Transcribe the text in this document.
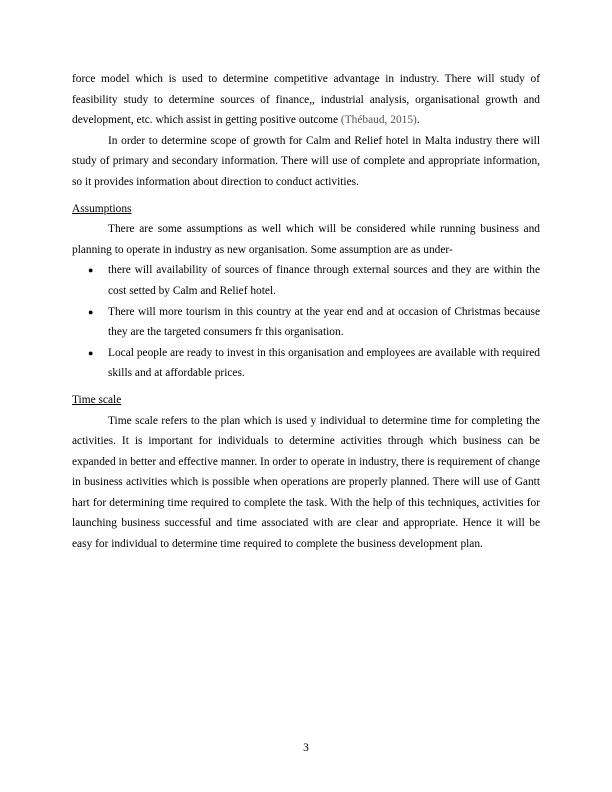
force model which is used to determine competitive advantage in industry. There will study of feasibility study to determine sources of finance,, industrial analysis, organisational growth and development, etc. which assist in getting positive outcome (Thébaud, 2015).

In order to determine scope of growth for Calm and Relief hotel in Malta industry there will study of primary and secondary information. There will use of complete and appropriate information, so it provides information about direction to conduct activities.

Assumptions

There are some assumptions as well which will be considered while running business and planning to operate in industry as new organisation. Some assumption are as under-

● there will availability of sources of finance through external sources and they are within the cost setted by Calm and Relief hotel.
● There will more tourism in this country at the year end and at occasion of Christmas because they are the targeted consumers fr this organisation.
● Local people are ready to invest in this organisation and employees are available with required skills and at affordable prices.
Time scale

Time scale refers to the plan which is used y individual to determine time for completing the activities. It is important for individuals to determine activities through which business can be expanded in better and effective manner. In order to operate in industry, there is requirement of change in business activities which is possible when operations are properly planned. There will use of Gantt hart for determining time required to complete the task. With the help of this techniques, activities for launching business successful and time associated with are clear and appropriate. Hence it will be easy for individual to determine time required to complete the business development plan.

3
